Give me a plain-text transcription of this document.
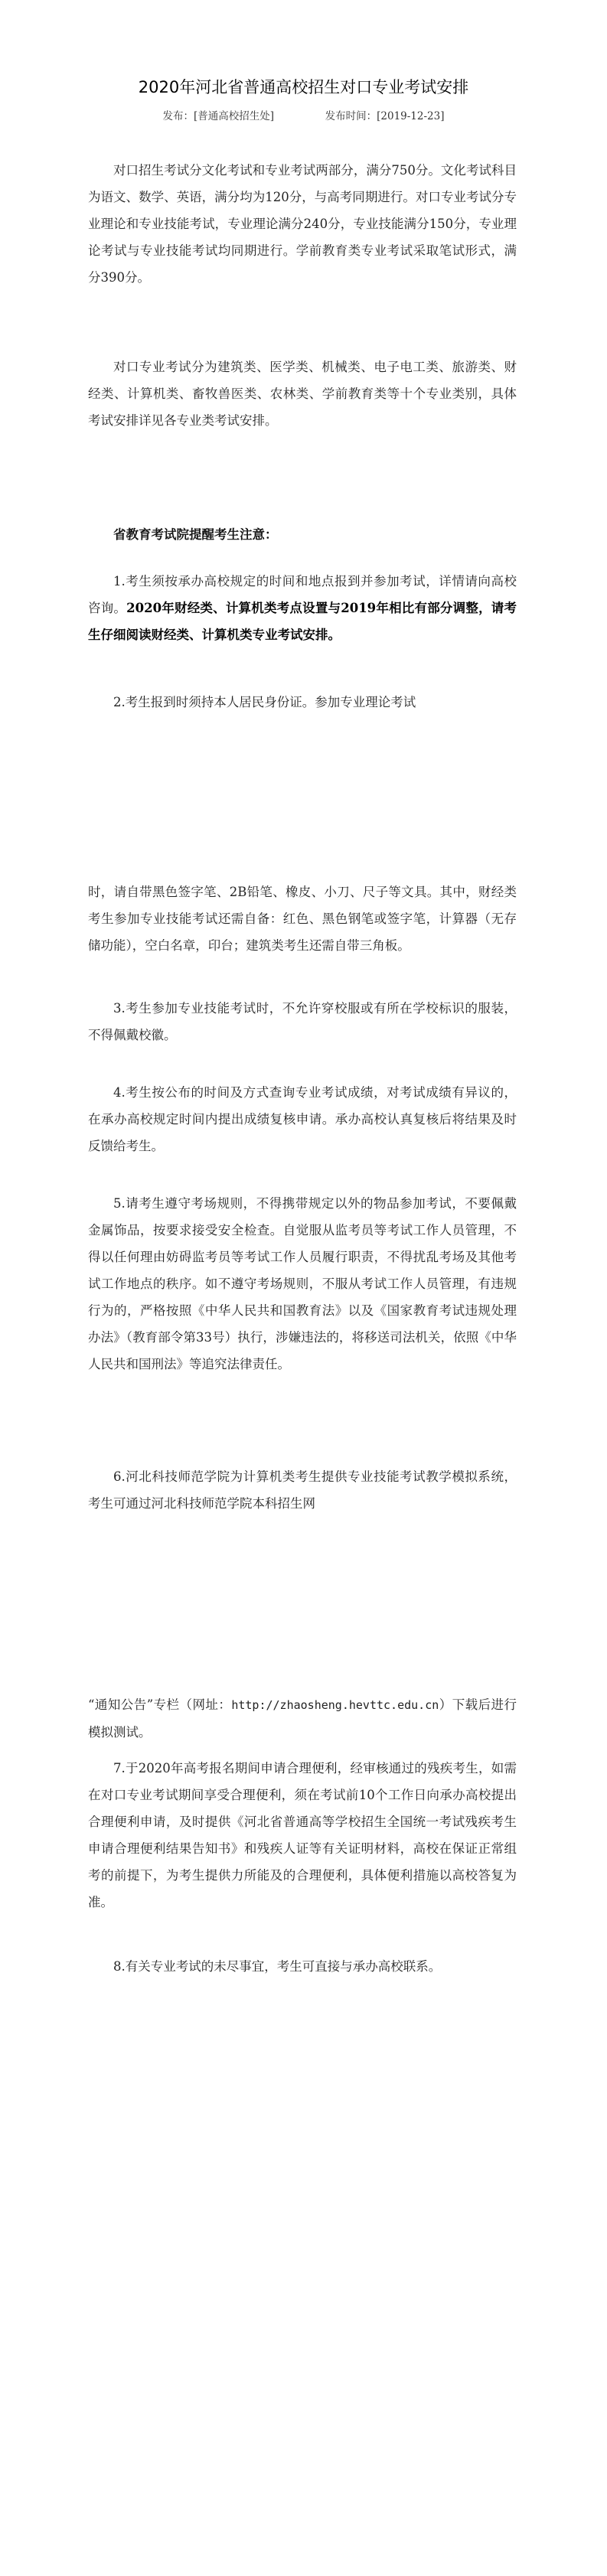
2020年河北省普通高校招生对口专业考试安排
发布：[普通高校招生处]	发布时间：[2019-12-23]

对口招生考试分文化考试和专业考试两部分，满分750分。文化考试科目为语文、数学、英语，满分均为120分，与高考同期进行。对口专业考试分专业理论和专业技能考试，专业理论满分240分，专业技能满分150分，专业理论考试与专业技能考试均同期进行。学前教育类专业考试采取笔试形式，满分390分。

对口专业考试分为建筑类、医学类、机械类、电子电工类、旅游类、财经类、计算机类、畜牧兽医类、农林类、学前教育类等十个专业类别，具体考试安排详见各专业类考试安排。

省教育考试院提醒考生注意：

1.考生须按承办高校规定的时间和地点报到并参加考试，详情请向高校咨询。2020年财经类、计算机类考点设置与2019年相比有部分调整，请考生仔细阅读财经类、计算机类专业考试安排。

2.考生报到时须持本人居民身份证。参加专业理论考试

时，请自带黑色签字笔、2B铅笔、橡皮、小刀、尺子等文具。其中，财经类考生参加专业技能考试还需自备：红色、黑色钢笔或签字笔，计算器（无存储功能），空白名章，印台；建筑类考生还需自带三角板。

3.考生参加专业技能考试时，不允许穿校服或有所在学校标识的服装，不得佩戴校徽。

4.考生按公布的时间及方式查询专业考试成绩，对考试成绩有异议的，在承办高校规定时间内提出成绩复核申请。承办高校认真复核后将结果及时反馈给考生。

5.请考生遵守考场规则，不得携带规定以外的物品参加考试，不要佩戴金属饰品，按要求接受安全检查。自觉服从监考员等考试工作人员管理，不得以任何理由妨碍监考员等考试工作人员履行职责，不得扰乱考场及其他考试工作地点的秩序。如不遵守考场规则，不服从考试工作人员管理，有违规行为的，严格按照《中华人民共和国教育法》以及《国家教育考试违规处理办法》（教育部令第33号）执行，涉嫌违法的，将移送司法机关，依照《中华人民共和国刑法》等追究法律责任。

6.河北科技师范学院为计算机类考生提供专业技能考试教学模拟系统，考生可通过河北科技师范学院本科招生网

“通知公告”专栏（网址：http://zhaosheng.hevttc.edu.cn）下载后进行模拟测试。

7.于2020年高考报名期间申请合理便利，经审核通过的残疾考生，如需在对口专业考试期间享受合理便利，须在考试前10个工作日向承办高校提出合理便利申请，及时提供《河北省普通高等学校招生全国统一考试残疾考生申请合理便利结果告知书》和残疾人证等有关证明材料，高校在保证正常组考的前提下，为考生提供力所能及的合理便利，具体便利措施以高校答复为准。

8.有关专业考试的未尽事宜，考生可直接与承办高校联系。
